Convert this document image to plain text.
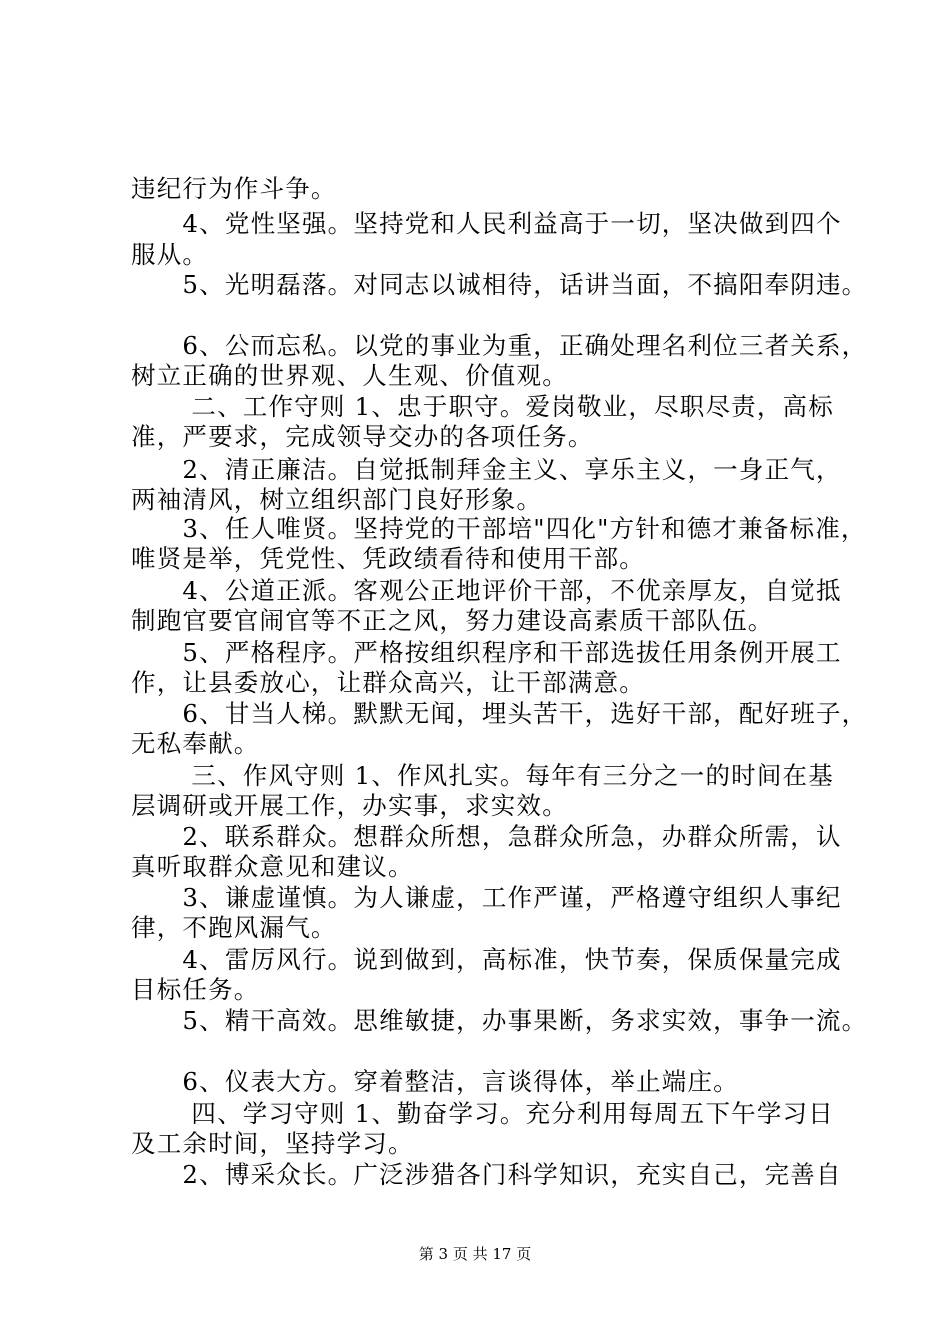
违纪行为作斗争。
　　4、党性坚强。坚持党和人民利益高于一切，坚决做到四个
服从。
　　5、光明磊落。对同志以诚相待，话讲当面，不搞阳奉阴违。
　　6、公而忘私。以党的事业为重，正确处理名利位三者关系，
树立正确的世界观、人生观、价值观。
　　 二、工作守则 1、忠于职守。爱岗敬业，尽职尽责，高标
准，严要求，完成领导交办的各项任务。
　　2、清正廉洁。自觉抵制拜金主义、享乐主义，一身正气，
两袖清风，树立组织部门良好形象。
　　3、任人唯贤。坚持党的干部培"四化"方针和德才兼备标准，
唯贤是举，凭党性、凭政绩看待和使用干部。
　　4、公道正派。客观公正地评价干部，不优亲厚友，自觉抵
制跑官要官闹官等不正之风，努力建设高素质干部队伍。
　　5、严格程序。严格按组织程序和干部选拔任用条例开展工
作，让县委放心，让群众高兴，让干部满意。
　　6、甘当人梯。默默无闻，埋头苦干，选好干部，配好班子，
无私奉献。
　　 三、作风守则 1、作风扎实。每年有三分之一的时间在基
层调研或开展工作，办实事，求实效。
　　2、联系群众。想群众所想，急群众所急，办群众所需，认
真听取群众意见和建议。
　　3、谦虚谨慎。为人谦虚，工作严谨，严格遵守组织人事纪
律，不跑风漏气。
　　4、雷厉风行。说到做到，高标准，快节奏，保质保量完成
目标任务。
　　5、精干高效。思维敏捷，办事果断，务求实效，事争一流。
　　6、仪表大方。穿着整洁，言谈得体，举止端庄。
　　 四、学习守则 1、勤奋学习。充分利用每周五下午学习日
及工余时间，坚持学习。
　　2、博采众长。广泛涉猎各门科学知识，充实自己，完善自
第 3 页 共 17 页
